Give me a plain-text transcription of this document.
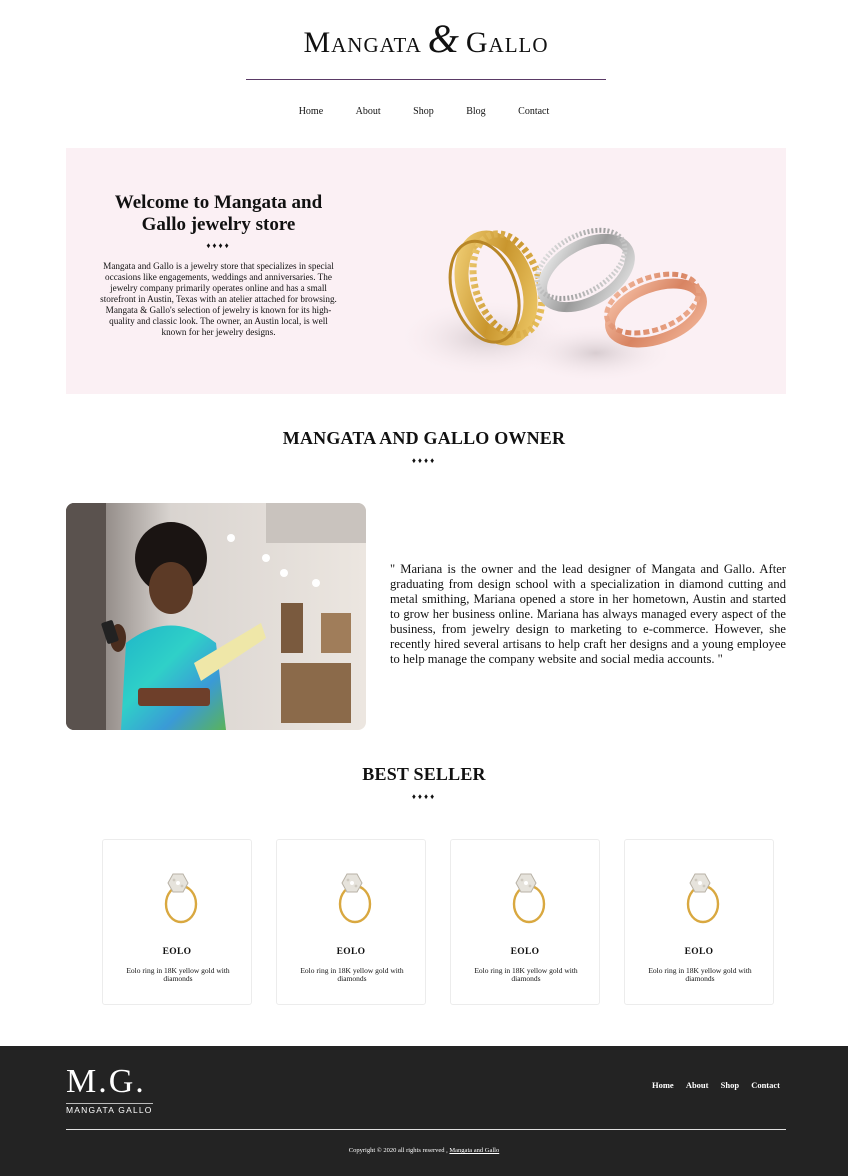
Mangata & Gallo
Home	About	Shop	Blog	Contact
Welcome to Mangata and Gallo jewelry store
♦♦♦♦

Mangata and Gallo is a jewelry store that specializes in special occasions like engagements, weddings and anniversaries. The jewelry company primarily operates online and has a small storefront in Austin, Texas with an atelier attached for browsing. Mangata & Gallo's selection of jewelry is known for its high-quality and classic look. The owner, an Austin local, is well known for her jewelry designs.

MANGATA AND GALLO OWNER
♦♦♦♦

" Mariana is the owner and the lead designer of Mangata and Gallo. After graduating from design school with a specialization in diamond cutting and metal smithing, Mariana opened a store in her hometown, Austin and started to grow her business online. Mariana has always managed every aspect of the business, from jewelry design to marketing to e-commerce. However, she recently hired several artisans to help craft her designs and a young employee to help manage the company website and social media accounts. "

BEST SELLER
♦♦♦♦
EOLO
Eolo ring in 18K yellow gold with diamonds
EOLO
Eolo ring in 18K yellow gold with diamonds
EOLO
Eolo ring in 18K yellow gold with diamonds
EOLO
Eolo ring in 18K yellow gold with diamonds
M.G.
MANGATA GALLO
Home About Shop Contact
Copyright © 2020 all rights reserved , Mangata and Gallo
